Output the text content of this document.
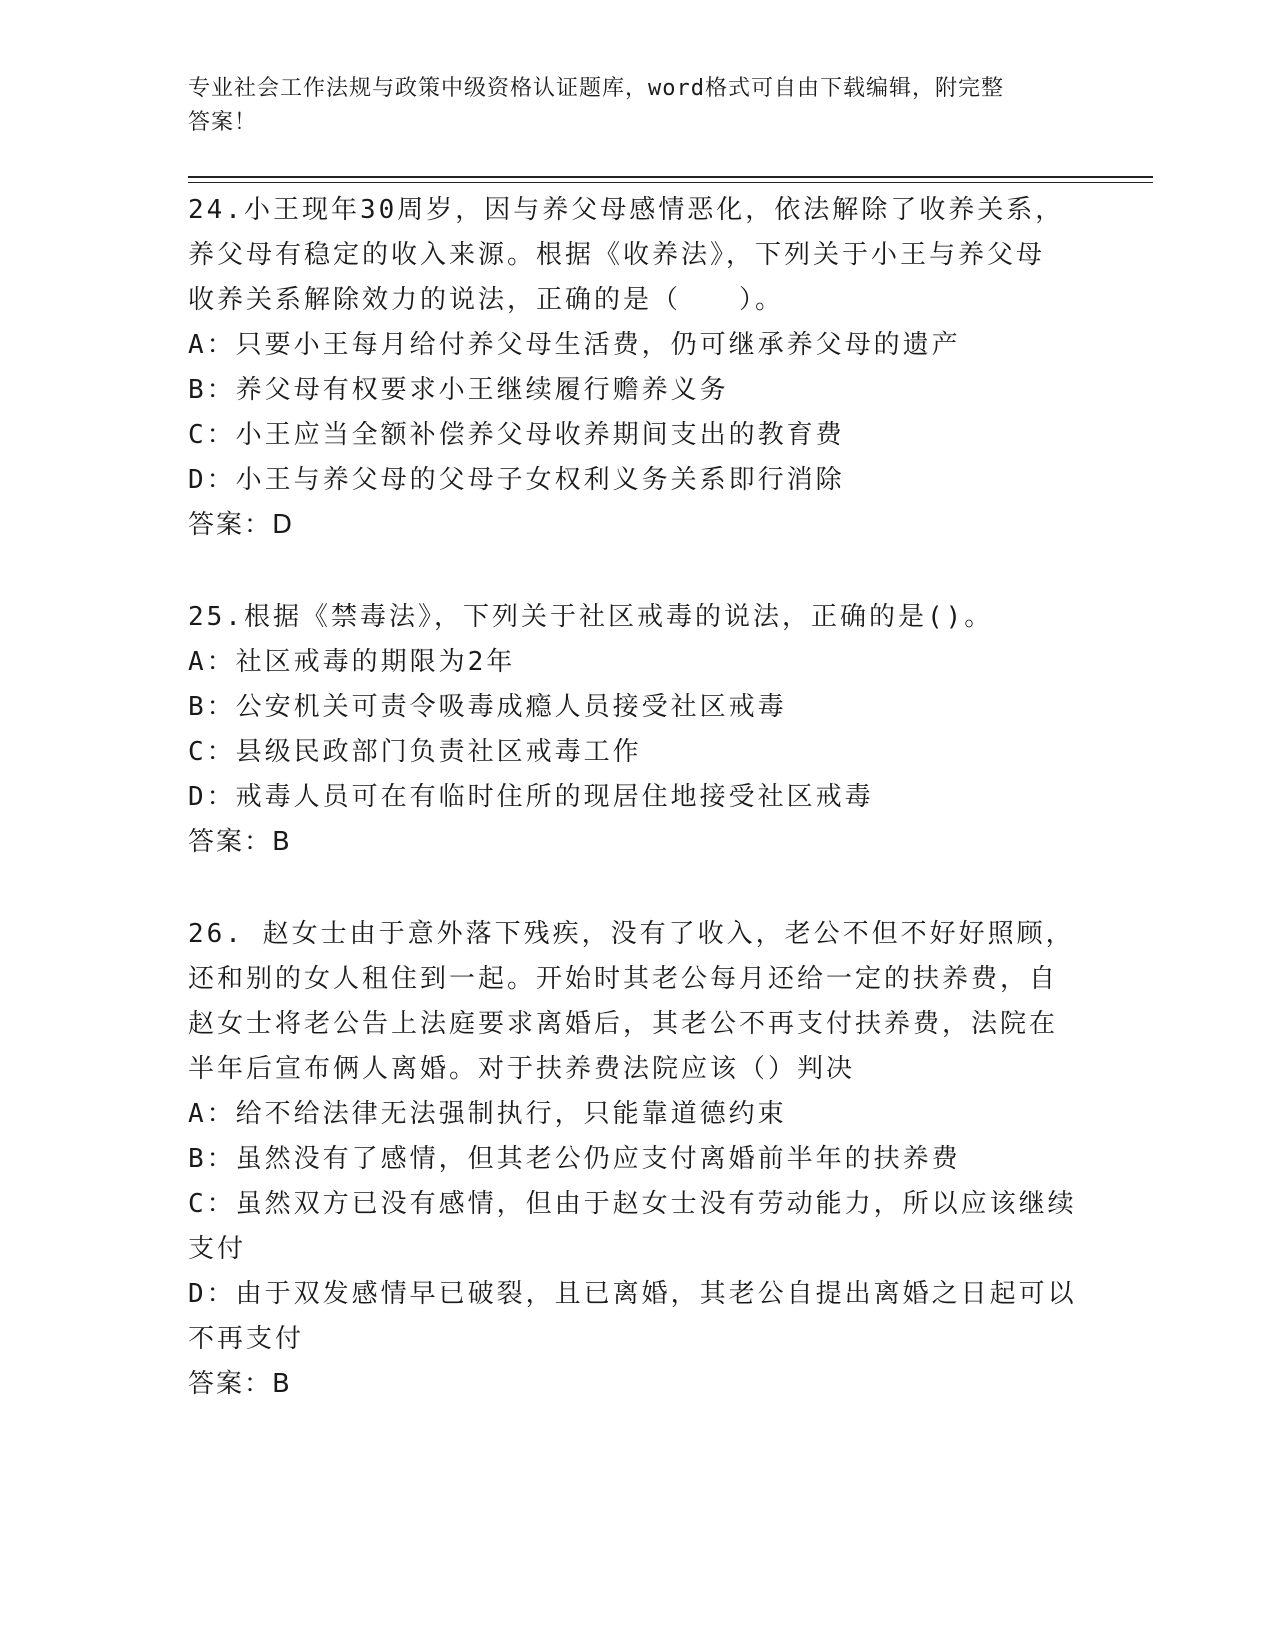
专业社会工作法规与政策中级资格认证题库，word格式可自由下载编辑，附完整
答案！
24.小王现年30周岁，因与养父母感情恶化，依法解除了收养关系，
养父母有稳定的收入来源。根据《收养法》，下列关于小王与养父母
收养关系解除效力的说法，正确的是（　　）。
A：只要小王每月给付养父母生活费，仍可继承养父母的遗产
B：养父母有权要求小王继续履行赡养义务
C：小王应当全额补偿养父母收养期间支出的教育费
D：小王与养父母的父母子女权利义务关系即行消除
答案：D
25.根据《禁毒法》，下列关于社区戒毒的说法，正确的是()。
A：社区戒毒的期限为2年
B：公安机关可责令吸毒成瘾人员接受社区戒毒
C：县级民政部门负责社区戒毒工作
D：戒毒人员可在有临时住所的现居住地接受社区戒毒
答案：B
26. 赵女士由于意外落下残疾，没有了收入，老公不但不好好照顾，
还和别的女人租住到一起。开始时其老公每月还给一定的扶养费，自
赵女士将老公告上法庭要求离婚后，其老公不再支付扶养费，法院在
半年后宣布俩人离婚。对于扶养费法院应该（）判决
A：给不给法律无法强制执行，只能靠道德约束
B：虽然没有了感情，但其老公仍应支付离婚前半年的扶养费
C：虽然双方已没有感情，但由于赵女士没有劳动能力，所以应该继续
支付
D：由于双发感情早已破裂，且已离婚，其老公自提出离婚之日起可以
不再支付
答案：B
